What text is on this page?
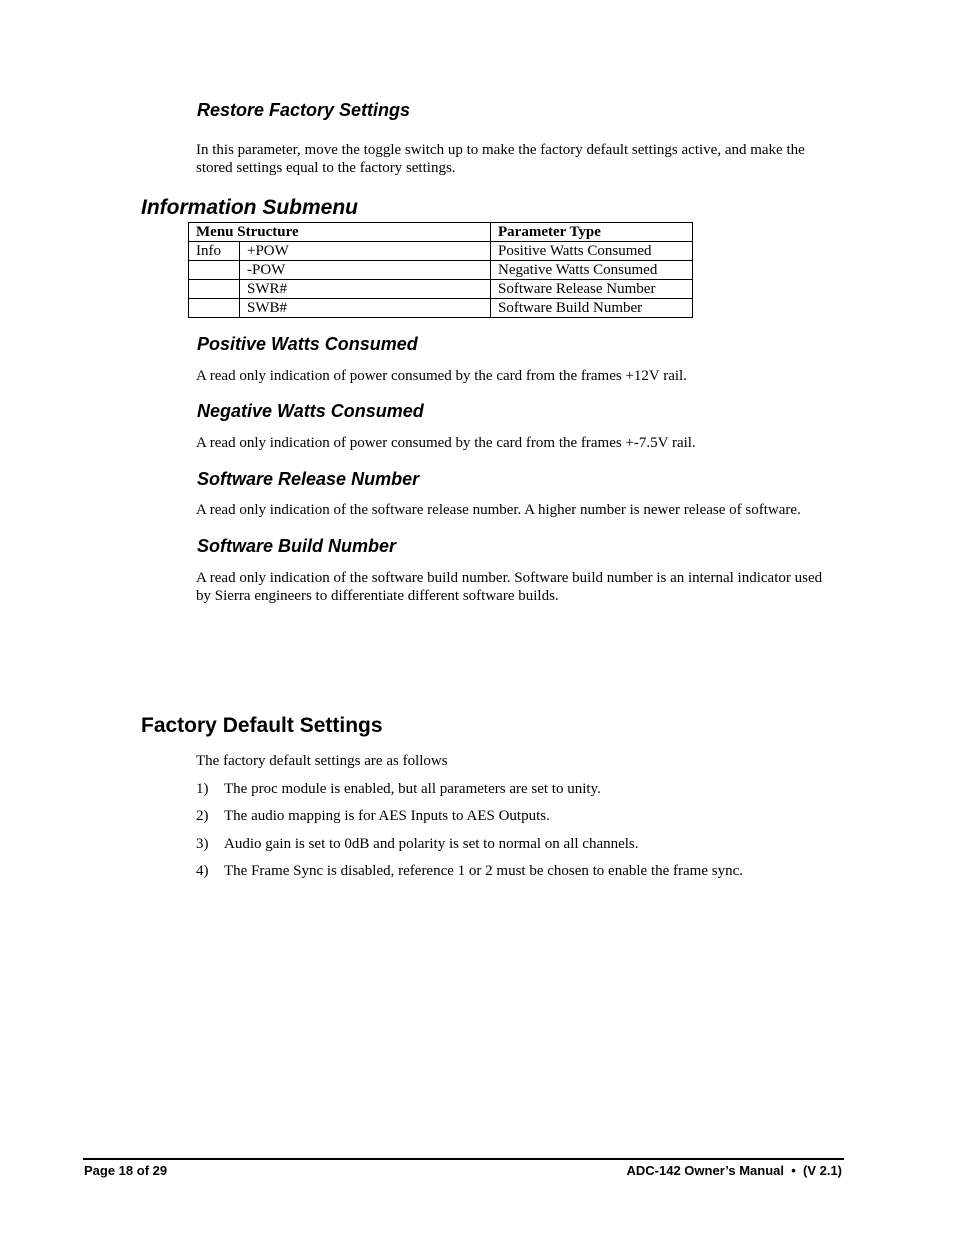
Restore Factory Settings

In this parameter, move the toggle switch up to make the factory default settings active, and make the stored settings equal to the factory settings.

Information Submenu
Menu Structure		Parameter Type
Info	+POW	Positive Watts Consumed
	-POW	Negative Watts Consumed
	SWR#	Software Release Number
	SWB#	Software Build Number
Positive Watts Consumed

A read only indication of power consumed by the card from the frames +12V rail.

Negative Watts Consumed

A read only indication of power consumed by the card from the frames +-7.5V rail.

Software Release Number

A read only indication of the software release number. A higher number is newer release of software.

Software Build Number

A read only indication of the software build number. Software build number is an internal indicator used by Sierra engineers to differentiate different software builds.

Factory Default Settings

The factory default settings are as follows

1)	The proc module is enabled, but all parameters are set to unity.
2)	The audio mapping is for AES Inputs to AES Outputs.
3)	Audio gain is set to 0dB and polarity is set to normal on all channels.
4)	The Frame Sync is disabled, reference 1 or 2 must be chosen to enable the frame sync.
Page 18 of 29	ADC-142 Owner’s Manual  •  (V 2.1)
